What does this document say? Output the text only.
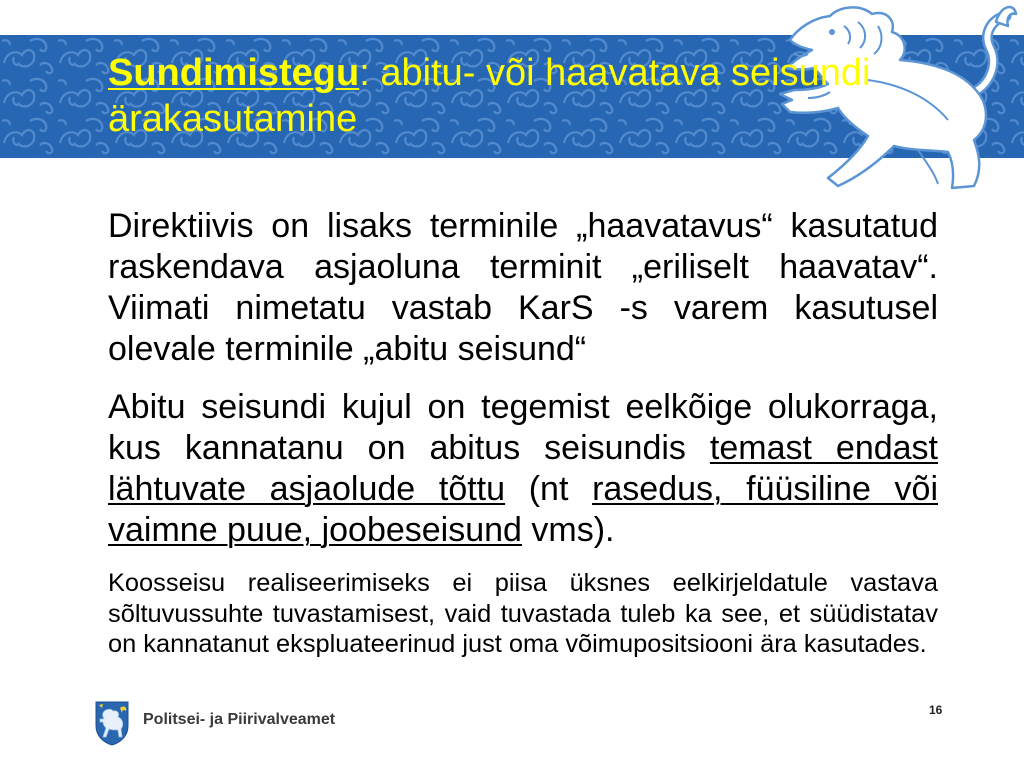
Sundimistegu: abitu- või haavatava seisundi ärakasutamine

Direktiivis on lisaks terminile „haavatavus“ kasutatud raskendava asjaoluna terminit „eriliselt haavatav“. Viimati nimetatu vastab KarS -s varem kasutusel olevale terminile „abitu seisund“

Abitu seisundi kujul on tegemist eelkõige olukorraga, kus kannatanu on abitus seisundis temast endast lähtuvate asjaolude tõttu (nt rasedus, füüsiline või vaimne puue, joobeseisund vms).

Koosseisu realiseerimiseks ei piisa üksnes eelkirjeldatule vastava sõltuvussuhte tuvastamisest, vaid tuvastada tuleb ka see, et süüdistatav on kannatanut ekspluateerinud just oma võimupositsiooni ära kasutades.

Politsei- ja Piirivalveamet
16
